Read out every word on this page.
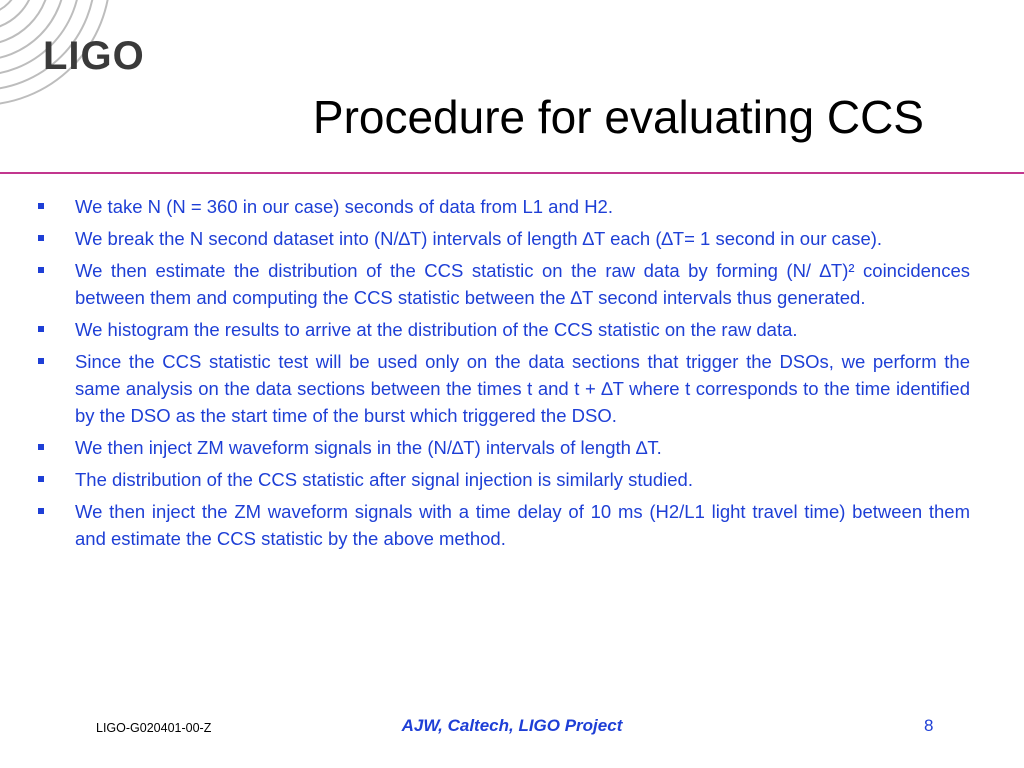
LIGO
Procedure for evaluating CCS
We take N (N = 360 in our case) seconds of data from L1 and H2.
We break the N second dataset into (N/∆T) intervals of length ∆T each (∆T= 1 second in our case).
We then estimate the distribution of the CCS statistic on the raw data by forming (N/ ∆T)² coincidences between them and computing the CCS statistic between the ∆T second intervals thus generated.
We histogram the results to arrive at the distribution of the CCS statistic on the raw data.
Since the CCS statistic test will be used only on the data sections that trigger the DSOs, we perform the same analysis on the data sections between the times t and t + ∆T where t corresponds to the time identified by the DSO as the start time of the burst which triggered the DSO.
We then inject ZM waveform signals in the (N/∆T) intervals of length ∆T.
The distribution of the CCS statistic after signal injection is similarly studied.
We then inject the ZM waveform signals with a time delay of 10 ms (H2/L1 light travel time) between them and estimate the CCS statistic by the above method.
LIGO-G020401-00-Z	AJW, Caltech, LIGO Project	8
